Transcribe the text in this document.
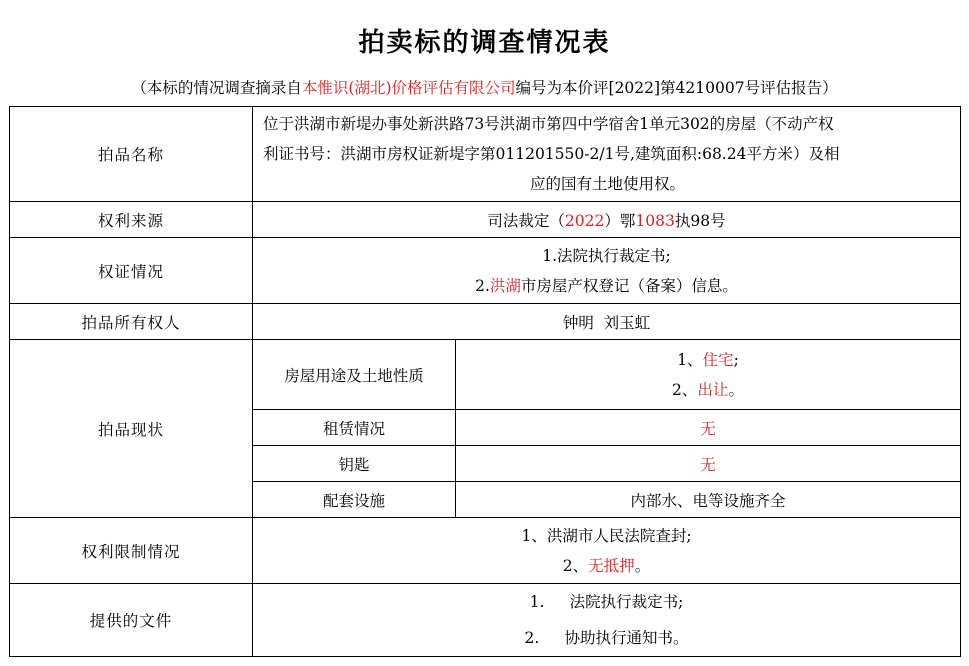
拍卖标的调查情况表
（本标的情况调查摘录自本惟识(湖北)价格评估有限公司编号为本价评[2022]第4210007号评估报告）
拍品名称	位于洪湖市新堤办事处新洪路73号洪湖市第四中学宿舍1单元302的房屋（不动产权
利证书号：洪湖市房权证新堤字第011201550-2/1号,建筑面积:68.24平方米）及相
应的国有土地使用权。	

权利来源	司法裁定（2022）鄂1083执98号	
权证情况	1.法院执行裁定书;
2.洪湖市房屋产权登记（备案）信息。	

拍品所有权人	钟明  刘玉虹	
拍品现状	房屋用途及土地性质	1、住宅;
2、出让。

	租赁情况	无
	钥匙	无
	配套设施	内部水、电等设施齐全
权利限制情况	1、洪湖市人民法院查封;
2、无抵押。	

提供的文件	1. 法院执行裁定书;
2. 协助执行通知书。	
